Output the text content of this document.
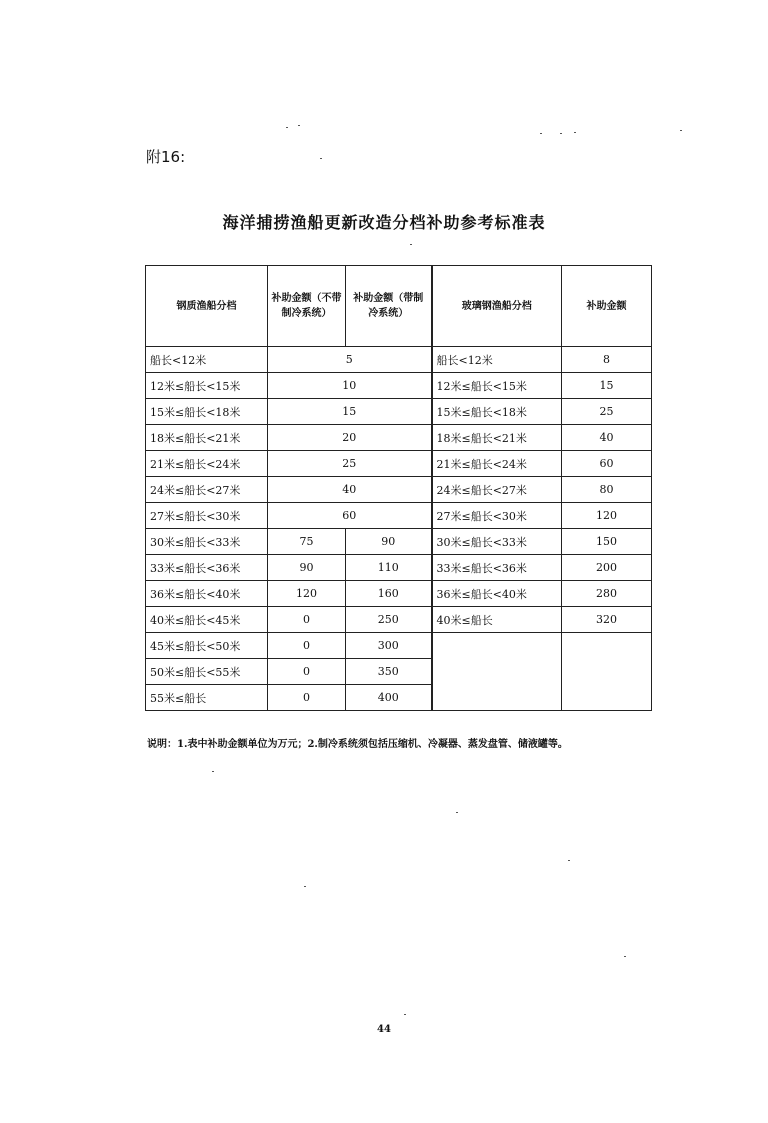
附16:
海洋捕捞渔船更新改造分档补助参考标准表
钢质渔船分档	补助金额（不带制冷系统）	补助金额（带制冷系统）	玻璃钢渔船分档	补助金额
船长<12米	5		船长<12米	8
12米≤船长<15米	10		12米≤船长<15米	15
15米≤船长<18米	15		15米≤船长<18米	25
18米≤船长<21米	20		18米≤船长<21米	40
21米≤船长<24米	25		21米≤船长<24米	60
24米≤船长<27米	40		24米≤船长<27米	80
27米≤船长<30米	60		27米≤船长<30米	120
30米≤船长<33米	75	90	30米≤船长<33米	150
33米≤船长<36米	90	110	33米≤船长<36米	200
36米≤船长<40米	120	160	36米≤船长<40米	280
40米≤船长<45米	0	250	40米≤船长	320
45米≤船长<50米	0	300		
50米≤船长<55米	0	350		
55米≤船长	0	400		
说明：1.表中补助金额单位为万元；2.制冷系统须包括压缩机、冷凝器、蒸发盘管、储液罐等。
44
